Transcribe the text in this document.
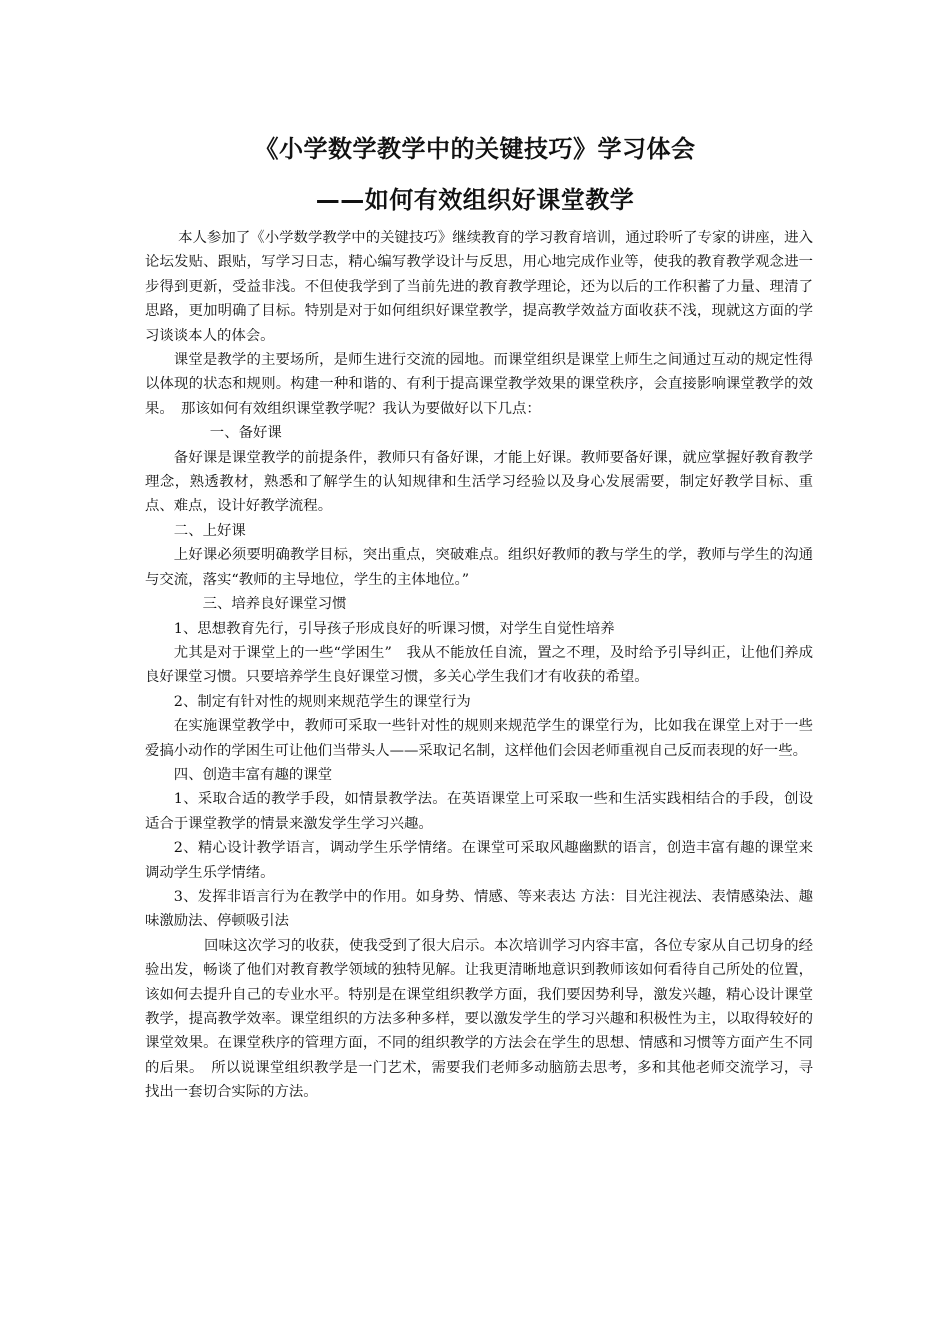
《小学数学教学中的关键技巧》学习体会
——如何有效组织好课堂教学

本人参加了《小学数学教学中的关键技巧》继续教育的学习教育培训，通过聆听了专家的讲座，进入论坛发贴、跟贴，写学习日志，精心编写教学设计与反思，用心地完成作业等，使我的教育教学观念进一步得到更新，受益非浅。不但使我学到了当前先进的教育教学理论，还为以后的工作积蓄了力量、理清了思路，更加明确了目标。特别是对于如何组织好课堂教学，提高教学效益方面收获不浅，现就这方面的学习谈谈本人的体会。

课堂是教学的主要场所，是师生进行交流的园地。而课堂组织是课堂上师生之间通过互动的规定性得以体现的状态和规则。构建一种和谐的、有利于提高课堂教学效果的课堂秩序，会直接影响课堂教学的效果。　那该如何有效组织课堂教学呢？我认为要做好以下几点：

一、备好课

备好课是课堂教学的前提条件，教师只有备好课，才能上好课。教师要备好课，就应掌握好教育教学理念，熟透教材，熟悉和了解学生的认知规律和生活学习经验以及身心发展需要，制定好教学目标、重点、难点，设计好教学流程。

二、上好课

上好课必须要明确教学目标，突出重点，突破难点。组织好教师的教与学生的学，教师与学生的沟通与交流，落实“教师的主导地位，学生的主体地位。”

三、培养良好课堂习惯

1、思想教育先行，引导孩子形成良好的听课习惯，对学生自觉性培养

尤其是对于课堂上的一些“学困生”　我从不能放任自流，置之不理，及时给予引导纠正，让他们养成良好课堂习惯。只要培养学生良好课堂习惯，多关心学生我们才有收获的希望。

2、制定有针对性的规则来规范学生的课堂行为

在实施课堂教学中，教师可采取一些针对性的规则来规范学生的课堂行为，比如我在课堂上对于一些爱搞小动作的学困生可让他们当带头人——采取记名制，这样他们会因老师重视自己反而表现的好一些。

四、创造丰富有趣的课堂

1、采取合适的教学手段，如情景教学法。在英语课堂上可采取一些和生活实践相结合的手段，创设适合于课堂教学的情景来激发学生学习兴趣。

2、精心设计教学语言，调动学生乐学情绪。在课堂可采取风趣幽默的语言，创造丰富有趣的课堂来调动学生乐学情绪。

3、发挥非语言行为在教学中的作用。如身势、情感、等来表达 方法：目光注视法、表情感染法、趣味激励法、停顿吸引法

回味这次学习的收获，使我受到了很大启示。本次培训学习内容丰富，各位专家从自己切身的经验出发，畅谈了他们对教育教学领域的独特见解。让我更清晰地意识到教师该如何看待自己所处的位置，该如何去提升自己的专业水平。特别是在课堂组织教学方面，我们要因势利导，激发兴趣，精心设计课堂教学，提高教学效率。课堂组织的方法多种多样，要以激发学生的学习兴趣和积极性为主，以取得较好的课堂效果。在课堂秩序的管理方面，不同的组织教学的方法会在学生的思想、情感和习惯等方面产生不同的后果。　所以说课堂组织教学是一门艺术，需要我们老师多动脑筋去思考，多和其他老师交流学习，寻找出一套切合实际的方法。
